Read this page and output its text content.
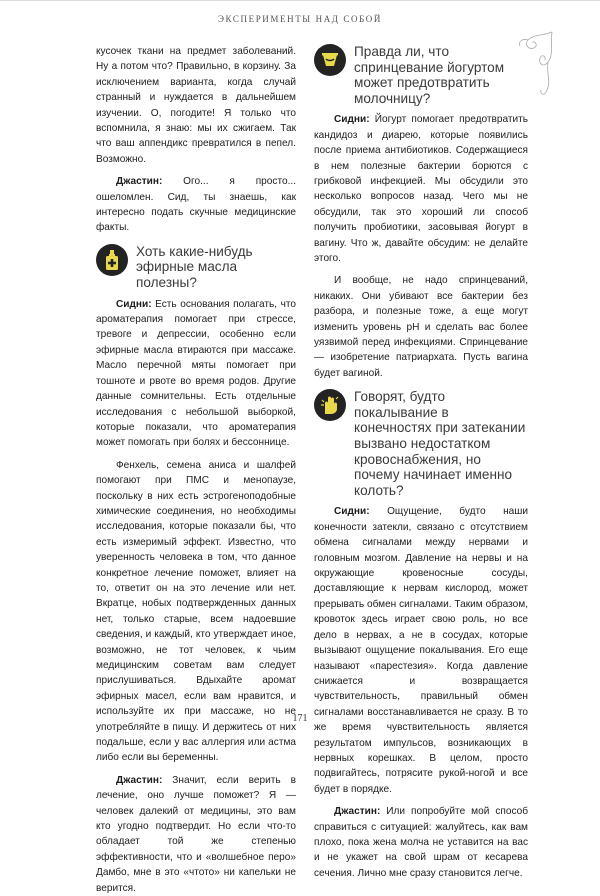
ЭКСПЕРИМЕНТЫ НАД СОБОЙ

кусочек ткани на предмет заболеваний. Ну а потом что? Правильно, в корзину. За исключением варианта, когда случай странный и нуждается в дальнейшем изучении. О, погодите! Я только что вспомнила, я знаю: мы их сжигаем. Так что ваш аппендикс превратился в пепел. Возможно.

Джастин: Ого... я просто... ошеломлен. Сид, ты знаешь, как интересно подать скучные медицинские факты.

Хоть какие-нибудь эфирные масла полезны?

Сидни: Есть основания полагать, что ароматерапия помогает при стрессе, тревоге и депрессии, особенно если эфирные масла втираются при массаже. Масло перечной мяты помогает при тошноте и рвоте во время родов. Другие данные сомнительны. Есть отдельные исследования с небольшой выборкой, которые показали, что ароматерапия может помогать при болях и бессоннице.

Фенхель, семена аниса и шалфей помогают при ПМС и менопаузе, поскольку в них есть эстрогеноподобные химические соединения, но необходимы исследования, которые показали бы, что есть измеримый эффект. Известно, что уверенность человека в том, что данное конкретное лечение поможет, влияет на то, ответит он на это лечение или нет. Вкратце, нобых подтвержденных данных нет, только старые, всем надоевшие сведения, и каждый, кто утверждает иное, возможно, не тот человек, к чьим медицинским советам вам следует прислушиваться. Вдыхайте аромат эфирных масел, если вам нравится, и используйте их при массаже, но не употребляйте в пищу. И держитесь от них подальше, если у вас аллергия или астма либо если вы беременны.

Джастин: Значит, если верить в лечение, оно лучше поможет? Я — человек далекий от медицины, это вам кто угодно подтвердит. Но если что-то обладает той же степенью эффективности, что и «волшебное перо» Дамбо, мне в это «чтото» ни капельки не верится.

Правда ли, что спринцевание йогуртом может предотвратить молочницу?

Сидни: Йогурт помогает предотвратить кандидоз и диарею, которые появились после приема антибиотиков. Содержащиеся в нем полезные бактерии борются с грибковой инфекцией. Мы обсудили это несколько вопросов назад. Чего мы не обсудили, так это хороший ли способ получить пробиотики, засовывая йогурт в вагину. Что ж, давайте обсудим: не делайте этого.

И вообще, не надо спринцеваний, никаких. Они убивают все бактерии без разбора, и полезные тоже, а еще могут изменить уровень pH и сделать вас более уязвимой перед инфекциями. Спринцевание — изобретение патриархата. Пусть вагина будет вагиной.

Говорят, будто покалывание в конечностях при затекании вызвано недостатком кровоснабжения, но почему начинает именно колоть?

Сидни: Ощущение, будто наши конечности затекли, связано с отсутствием обмена сигналами между нервами и головным мозгом. Давление на нервы и на окружающие кровеносные сосуды, доставляющие к нервам кислород, может прерывать обмен сигналами. Таким образом, кровоток здесь играет свою роль, но все дело в нервах, а не в сосудах, которые вызывают ощущение покалывания. Его еще называют «парестезия». Когда давление снижается и возвращается чувствительность, правильный обмен сигналами восстанавливается не сразу. В то же время чувствительность является результатом импульсов, возникающих в нервных корешках. В целом, просто подвигайтесь, потрясите рукой-ногой и все будет в порядке.

Джастин: Или попробуйте мой способ справиться с ситуацией: жалуйтесь, как вам плохо, пока жена молча не уставится на вас и не укажет на свой шрам от кесарева сечения. Лично мне сразу становится легче.

171
